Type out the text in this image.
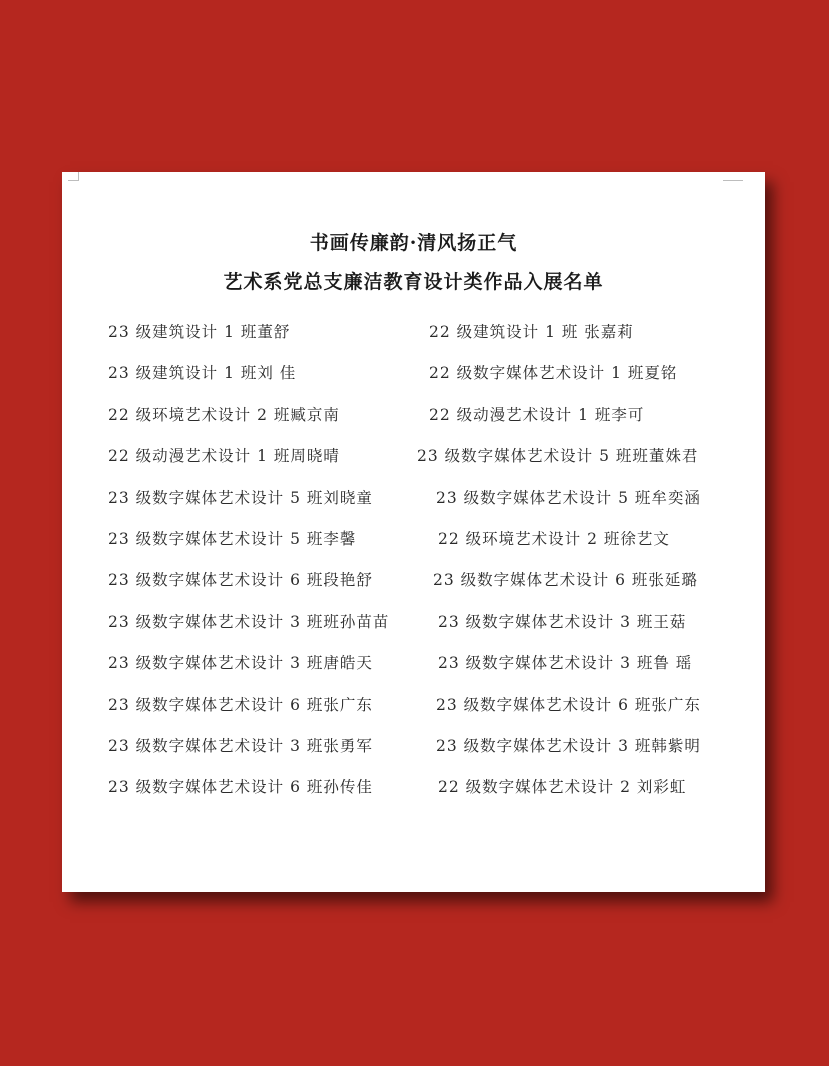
书画传廉韵·清风扬正气
艺术系党总支廉洁教育设计类作品入展名单
23 级建筑设计 1 班董舒	22 级建筑设计 1 班 张嘉莉
23 级建筑设计 1 班刘 佳	22 级数字媒体艺术设计 1 班夏铭
22 级环境艺术设计 2 班臧京南	22 级动漫艺术设计 1 班李可
22 级动漫艺术设计 1 班周晓晴	23 级数字媒体艺术设计 5 班班董姝君
23 级数字媒体艺术设计 5 班刘晓童	23 级数字媒体艺术设计 5 班牟奕涵
23 级数字媒体艺术设计 5 班李馨	22 级环境艺术设计 2 班徐艺文
23 级数字媒体艺术设计 6 班段艳舒	23 级数字媒体艺术设计 6 班张延璐
23 级数字媒体艺术设计 3 班班孙苗苗	23 级数字媒体艺术设计 3 班王菇
23 级数字媒体艺术设计 3 班唐皓天	23 级数字媒体艺术设计 3 班鲁 瑶
23 级数字媒体艺术设计 6 班张广东	23 级数字媒体艺术设计 6 班张广东
23 级数字媒体艺术设计 3 班张勇军	23 级数字媒体艺术设计 3 班韩紫明
23 级数字媒体艺术设计 6 班孙传佳	22 级数字媒体艺术设计 2 刘彩虹
